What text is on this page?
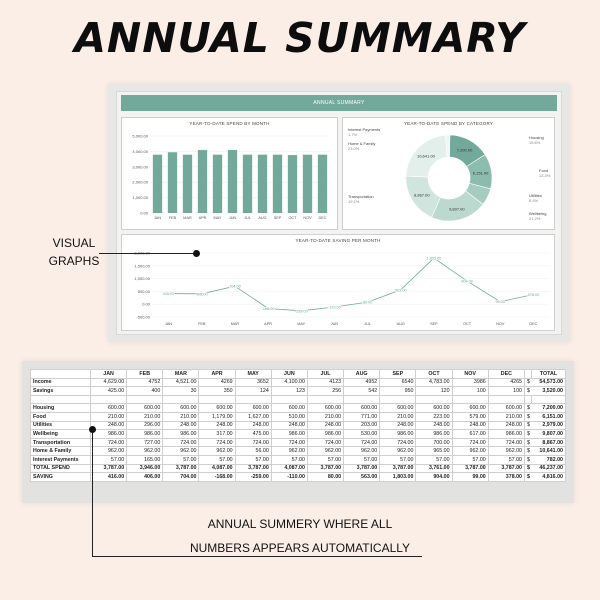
ANNUAL SUMMARY
ANNUAL SUMMARY
YEAR-TO-DATE SPEND BY MONTH
0.00
1,000.00
2,000.00
3,000.00
4,000.00
5,000.00
JAN FEB MAR APR MAY JUN JUL AUG SEP OCT NOV DEC
YEAR-TO-DATE SPEND BY CATEGORY
7,200.00
6,151.00
9,807.00
8,867.00
10,641.00
Housing
15.6%
Food
13.3%
Utilities
6.4%
Wellbeing
21.2%
Transportation
19.1%
Home & Family
23.0%
Interest Payments
1.7%
YEAR-TO-DATE SAVING PER MONTH
-500.00
0.00
500.00
1,000.00
1,500.00
416.00
JAN
406.00
FEB
704.00
MAR
-168.00
APR
-259.00
MAY
-110.00
JUN
80.00
JUL
563.00
AUG
1,803.00
SEP
904.00
OCT
99.00
NOV
378.00
DEC
VISUAL GRAPHS
	JAN	FEB	MAR	APR	MAY	JUN	JUL	AUG	SEP	OCT	NOV	DEC		TOTAL
Income	4,629.00	4752	4,521.00	4269	3652	4,100.00	4123	4952	6540	4,783.00	3986	4265	$	54,573.00
Savings	425.00	400	30	350	124	123	256	542	950	120	100	100	$	3,520.00

Housing	600.00	600.00	600.00	600.00	600.00	600.00	600.00	600.00	600.00	600.00	600.00	600.00	$	7,200.00
Food	210.00	210.00	210.00	1,179.00	1,627.00	510.00	210.00	771.00	210.00	223.00	579.00	210.00	$	6,151.00
Utilities	248.00	296.00	248.00	248.00	248.00	248.00	248.00	203.00	248.00	248.00	248.00	248.00	$	2,979.00
Wellbeing	986.00	986.00	986.00	317.00	475.00	986.00	986.00	530.00	986.00	986.00	617.00	986.00	$	9,807.00
Transportation	724.00	727.00	724.00	724.00	724.00	724.00	724.00	724.00	724.00	700.00	724.00	724.00	$	8,867.00
Home & Family	962.00	962.00	962.00	962.00	56.00	962.00	962.00	962.00	962.00	965.00	962.00	962.00	$	10,641.00
Interest Payments	57.00	165.00	57.00	57.00	57.00	57.00	57.00	57.00	57.00	57.00	57.00	57.00	$	782.00
TOTAL SPEND	3,787.00	3,946.00	3,787.00	4,087.00	3,787.00	4,087.00	3,787.00	3,787.00	3,787.00	3,761.00	3,787.00	3,787.00	$	46,237.00
SAVING	416.00	406.00	704.00	-168.00	-259.00	-110.00	80.00	563.00	1,803.00	904.00	99.00	378.00	$	4,816.00
ANNUAL SUMMERY WHERE ALL
NUMBERS APPEARS AUTOMATICALLY
